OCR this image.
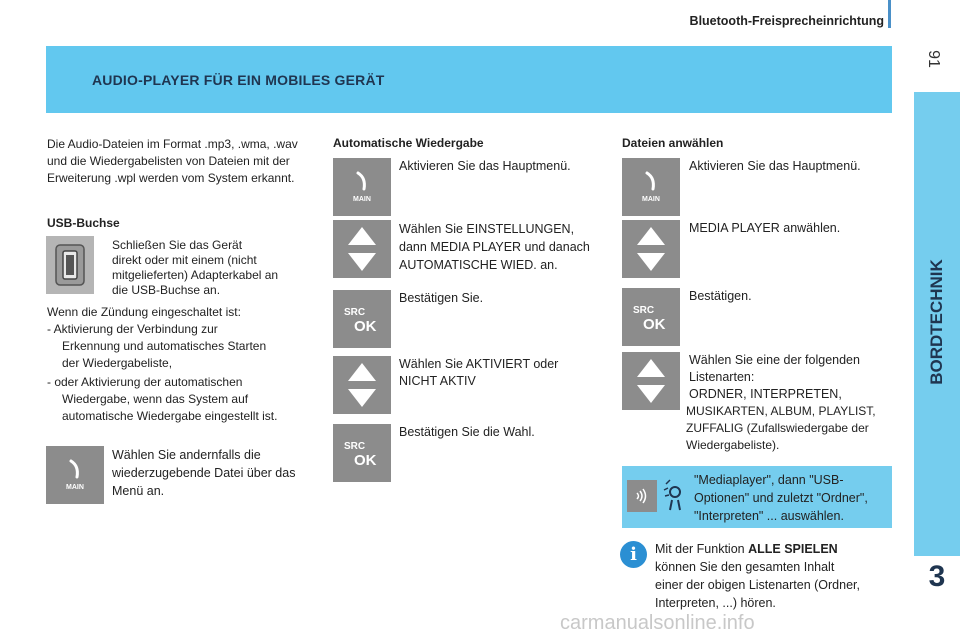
Bluetooth-Freisprecheinrichtung
91
AUDIO-PLAYER FÜR EIN MOBILES GERÄT
BORDTECHNIK
3
Die Audio-Dateien im Format .mp3, .wma, .wav
und die Wiedergabelisten von Dateien mit der
Erweiterung .wpl werden vom System erkannt.
USB-Buchse
Schließen Sie das Gerät
direkt oder mit einem (nicht
mitgelieferten) Adapterkabel an
die USB-Buchse an.
Wenn die Zündung eingeschaltet ist:
- Aktivierung der Verbindung zur
Erkennung und automatisches Starten
der Wiedergabeliste,
- oder Aktivierung der automatischen
Wiedergabe, wenn das System auf
automatische Wiedergabe eingestellt ist.
MAIN
Wählen Sie andernfalls die
wiederzugebende Datei über das
Menü an.
Automatische Wiedergabe
MAIN
Aktivieren Sie das Hauptmenü.
Wählen Sie EINSTELLUNGEN,
dann MEDIA PLAYER und danach
AUTOMATISCHE WIED. an.
SRC
OK
Bestätigen Sie.
Wählen Sie AKTIVIERT oder
NICHT AKTIV
SRC
OK
Bestätigen Sie die Wahl.
Dateien anwählen
MAIN
Aktivieren Sie das Hauptmenü.
MEDIA PLAYER anwählen.
SRC
OK
Bestätigen.
Wählen Sie eine der folgenden
Listenarten:
ORDNER, INTERPRETEN,
MUSIKARTEN, ALBUM, PLAYLIST,
ZUFFALIG (Zufallswiedergabe der
Wiedergabeliste).
"Mediaplayer", dann "USB-
Optionen" und zuletzt "Ordner",
"Interpreten" ... auswählen.
i	Mit der Funktion ALLE SPIELEN
können Sie den gesamten Inhalt
einer der obigen Listenarten (Ordner,
Interpreten, ...) hören.
carmanualsonline.info
